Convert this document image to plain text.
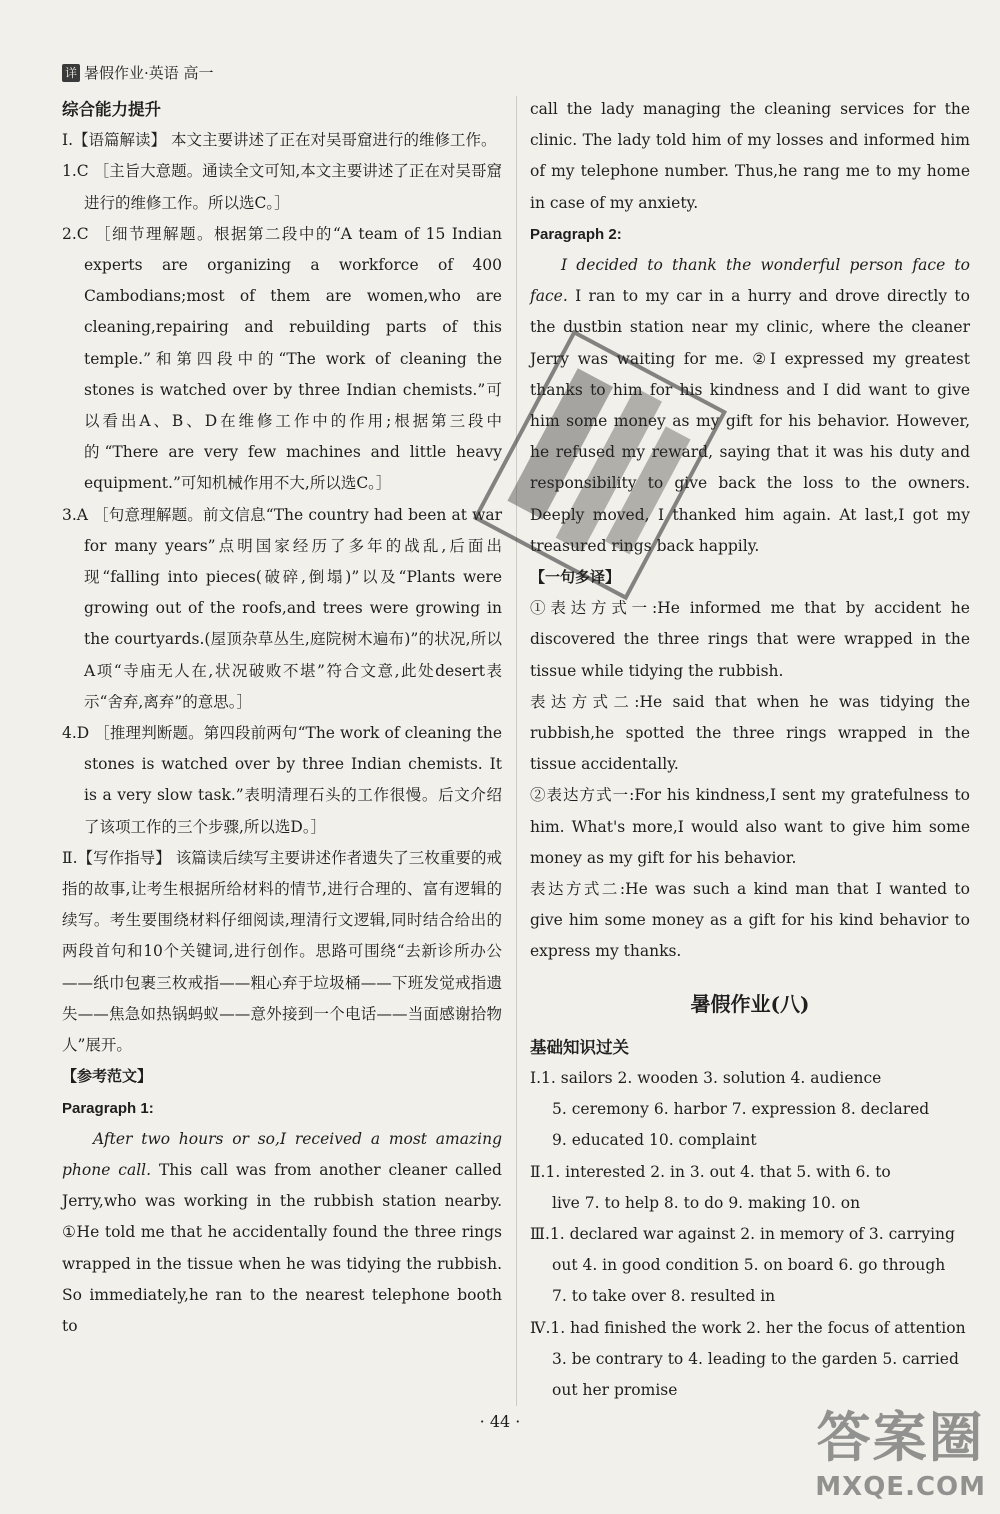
详 暑假作业·英语 高一

综合能力提升

Ⅰ.【语篇解读】 本文主要讲述了正在对吴哥窟进行的维修工作。

1.C ［主旨大意题。通读全文可知,本文主要讲述了正在对吴哥窟进行的维修工作。所以选C。］

2.C ［细节理解题。根据第二段中的“A team of 15 Indian experts are organizing a workforce of 400 Cambodians;most of them are women,who are cleaning,repairing and rebuilding parts of this temple.”和第四段中的“The work of cleaning the stones is watched over by three Indian chemists.”可以看出A、B、D在维修工作中的作用;根据第三段中的“There are very few machines and little heavy equipment.”可知机械作用不大,所以选C。］

3.A ［句意理解题。前文信息“The country had been at war for many years”点明国家经历了多年的战乱,后面出现“falling into pieces(破碎,倒塌)”以及“Plants were growing out of the roofs,and trees were growing in the courtyards.(屋顶杂草丛生,庭院树木遍布)”的状况,所以A项“寺庙无人在,状况破败不堪”符合文意,此处desert表示“舍弃,离弃”的意思。］

4.D ［推理判断题。第四段前两句“The work of cleaning the stones is watched over by three Indian chemists. It is a very slow task.”表明清理石头的工作很慢。后文介绍了该项工作的三个步骤,所以选D。］

Ⅱ.【写作指导】 该篇读后续写主要讲述作者遗失了三枚重要的戒指的故事,让考生根据所给材料的情节,进行合理的、富有逻辑的续写。考生要围绕材料仔细阅读,理清行文逻辑,同时结合给出的两段首句和10个关键词,进行创作。思路可围绕“去新诊所办公——纸巾包裹三枚戒指——粗心弃于垃圾桶——下班发觉戒指遗失——焦急如热锅蚂蚁——意外接到一个电话——当面感谢拾物人”展开。

【参考范文】

Paragraph 1:

After two hours or so,I received a most amazing phone call. This call was from another cleaner called Jerry,who was working in the rubbish station nearby. ①He told me that he accidentally found the three rings wrapped in the tissue when he was tidying the rubbish. So immediately,he ran to the nearest telephone booth to

call the lady managing the cleaning services for the clinic. The lady told him of my losses and informed him of my telephone number. Thus,he rang me to my home in case of my anxiety.

Paragraph 2:

I decided to thank the wonderful person face to face. I ran to my car in a hurry and drove directly to the dustbin station near my clinic, where the cleaner Jerry was waiting for me. ②I expressed my greatest thanks to him for his kindness and I did want to give him some money as my gift for his behavior. However, he refused my reward, saying that it was his duty and responsibility to give back the loss to the owners. Deeply moved, I thanked him again. At last,I got my treasured rings back happily.

【一句多译】

①表达方式一:He informed me that by accident he discovered the three rings that were wrapped in the tissue while tidying the rubbish.

表达方式二:He said that when he was tidying the rubbish,he spotted the three rings wrapped in the tissue accidentally.

②表达方式一:For his kindness,I sent my gratefulness to him. What's more,I would also want to give him some money as my gift for his behavior.

表达方式二:He was such a kind man that I wanted to give him some money as a gift for his kind behavior to express my thanks.

暑假作业(八)

基础知识过关

Ⅰ.1. sailors 2. wooden 3. solution 4. audience

5. ceremony 6. harbor 7. expression 8. declared

9. educated 10. complaint

Ⅱ.1. interested 2. in 3. out 4. that 5. with 6. to

live 7. to help 8. to do 9. making 10. on

Ⅲ.1. declared war against 2. in memory of 3. carrying

out 4. in good condition 5. on board 6. go through

7. to take over 8. resulted in

Ⅳ.1. had finished the work 2. her the focus of attention

3. be contrary to 4. leading to the garden 5. carried

out her promise

· 44 ·	答案圈
MXQE.COM
